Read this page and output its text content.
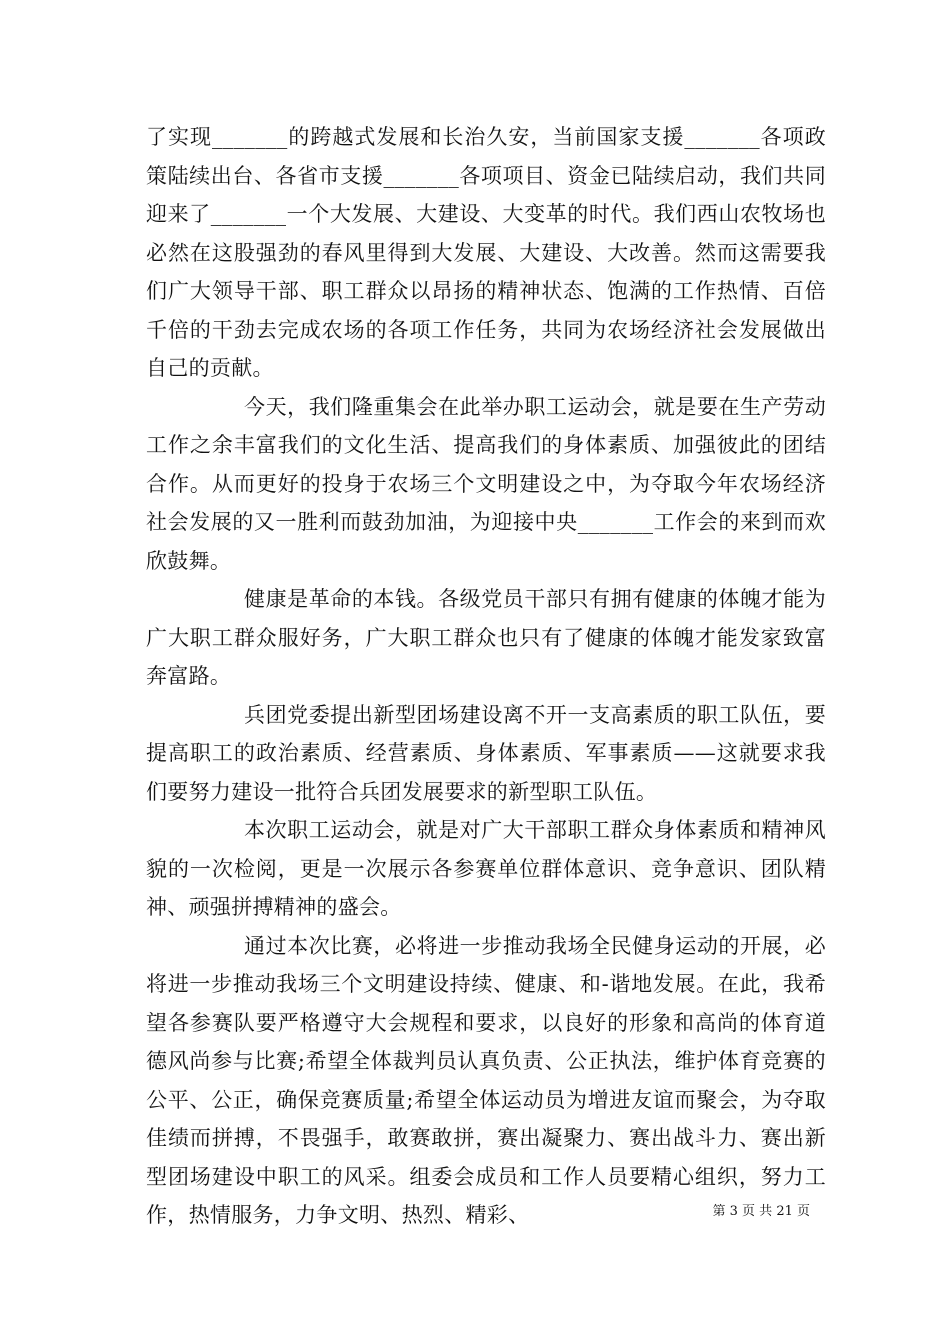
了实现_______的跨越式发展和长治久安，当前国家支援_______各项政策陆续出台、各省市支援_______各项项目、资金已陆续启动，我们共同迎来了_______一个大发展、大建设、大变革的时代。我们西山农牧场也必然在这股强劲的春风里得到大发展、大建设、大改善。然而这需要我们广大领导干部、职工群众以昂扬的精神状态、饱满的工作热情、百倍千倍的干劲去完成农场的各项工作任务，共同为农场经济社会发展做出自己的贡献。

今天，我们隆重集会在此举办职工运动会，就是要在生产劳动工作之余丰富我们的文化生活、提高我们的身体素质、加强彼此的团结合作。从而更好的投身于农场三个文明建设之中，为夺取今年农场经济社会发展的又一胜利而鼓劲加油，为迎接中央_______工作会的来到而欢欣鼓舞。

健康是革命的本钱。各级党员干部只有拥有健康的体魄才能为广大职工群众服好务，广大职工群众也只有了健康的体魄才能发家致富奔富路。

兵团党委提出新型团场建设离不开一支高素质的职工队伍，要提高职工的政治素质、经营素质、身体素质、军事素质——这就要求我们要努力建设一批符合兵团发展要求的新型职工队伍。

本次职工运动会，就是对广大干部职工群众身体素质和精神风貌的一次检阅，更是一次展示各参赛单位群体意识、竞争意识、团队精神、顽强拼搏精神的盛会。

通过本次比赛，必将进一步推动我场全民健身运动的开展，必将进一步推动我场三个文明建设持续、健康、和-谐地发展。在此，我希望各参赛队要严格遵守大会规程和要求，以良好的形象和高尚的体育道德风尚参与比赛;希望全体裁判员认真负责、公正执法，维护体育竞赛的公平、公正，确保竞赛质量;希望全体运动员为增进友谊而聚会，为夺取佳绩而拼搏，不畏强手，敢赛敢拼，赛出凝聚力、赛出战斗力、赛出新型团场建设中职工的风采。组委会成员和工作人员要精心组织，努力工作，热情服务，力争文明、热烈、精彩、	第 3 页 共 21 页
